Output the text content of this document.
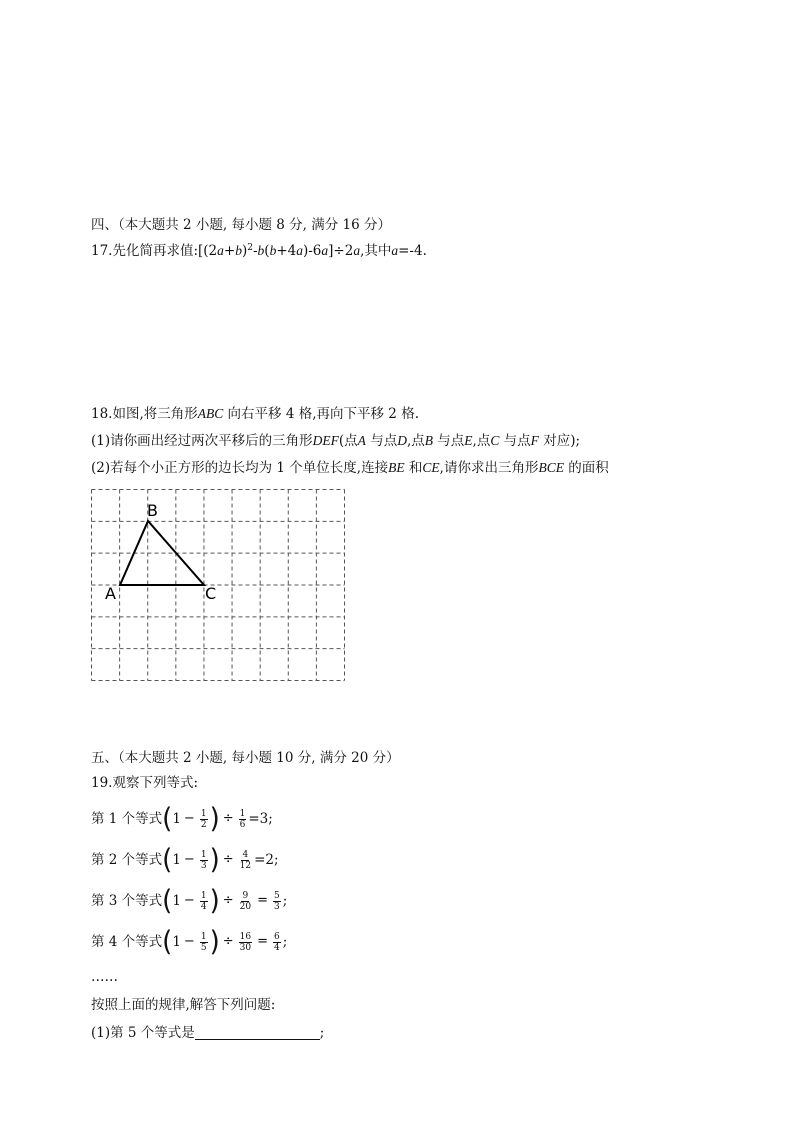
四、（本大题共 2 小题, 每小题 8 分, 满分 16 分）
17.先化简再求值$:[(2a+b)^2-b(b+4a)-6a]\div 2a$,其中a=-4.
18.如图,将三角形ABC 向右平移 4 格,再向下平移 2 格.
(1)请你画出经过两次平移后的三角形DEF(点A 与点D,点B 与点E,点C 与点F 对应);
(2)若每个小正方形的边长均为 1 个单位长度,连接BE 和CE,请你求出三角形BCE 的面积
A
B
C
五、（本大题共 2 小题, 每小题 10 分, 满分 20 分）
19.观察下列等式:
第 1 个等式 ( $1 - \frac{1}{2}$ ) ÷ $\frac{1}{6} =3$;
第 2 个等式 ( $1 - \frac{1}{3}$ ) ÷ $\frac{4}{12} =2$;
第 3 个等式 ( $1 - \frac{1}{4}$ ) ÷ $\frac{9}{20} = \frac{5}{3}$ ;
第 4 个等式 ( $1 - \frac{1}{5}$ ) ÷ $\frac{16}{30} = \frac{6}{4}$ ;
……
按照上面的规律,解答下列问题:
(1)第 5 个等式是	;
